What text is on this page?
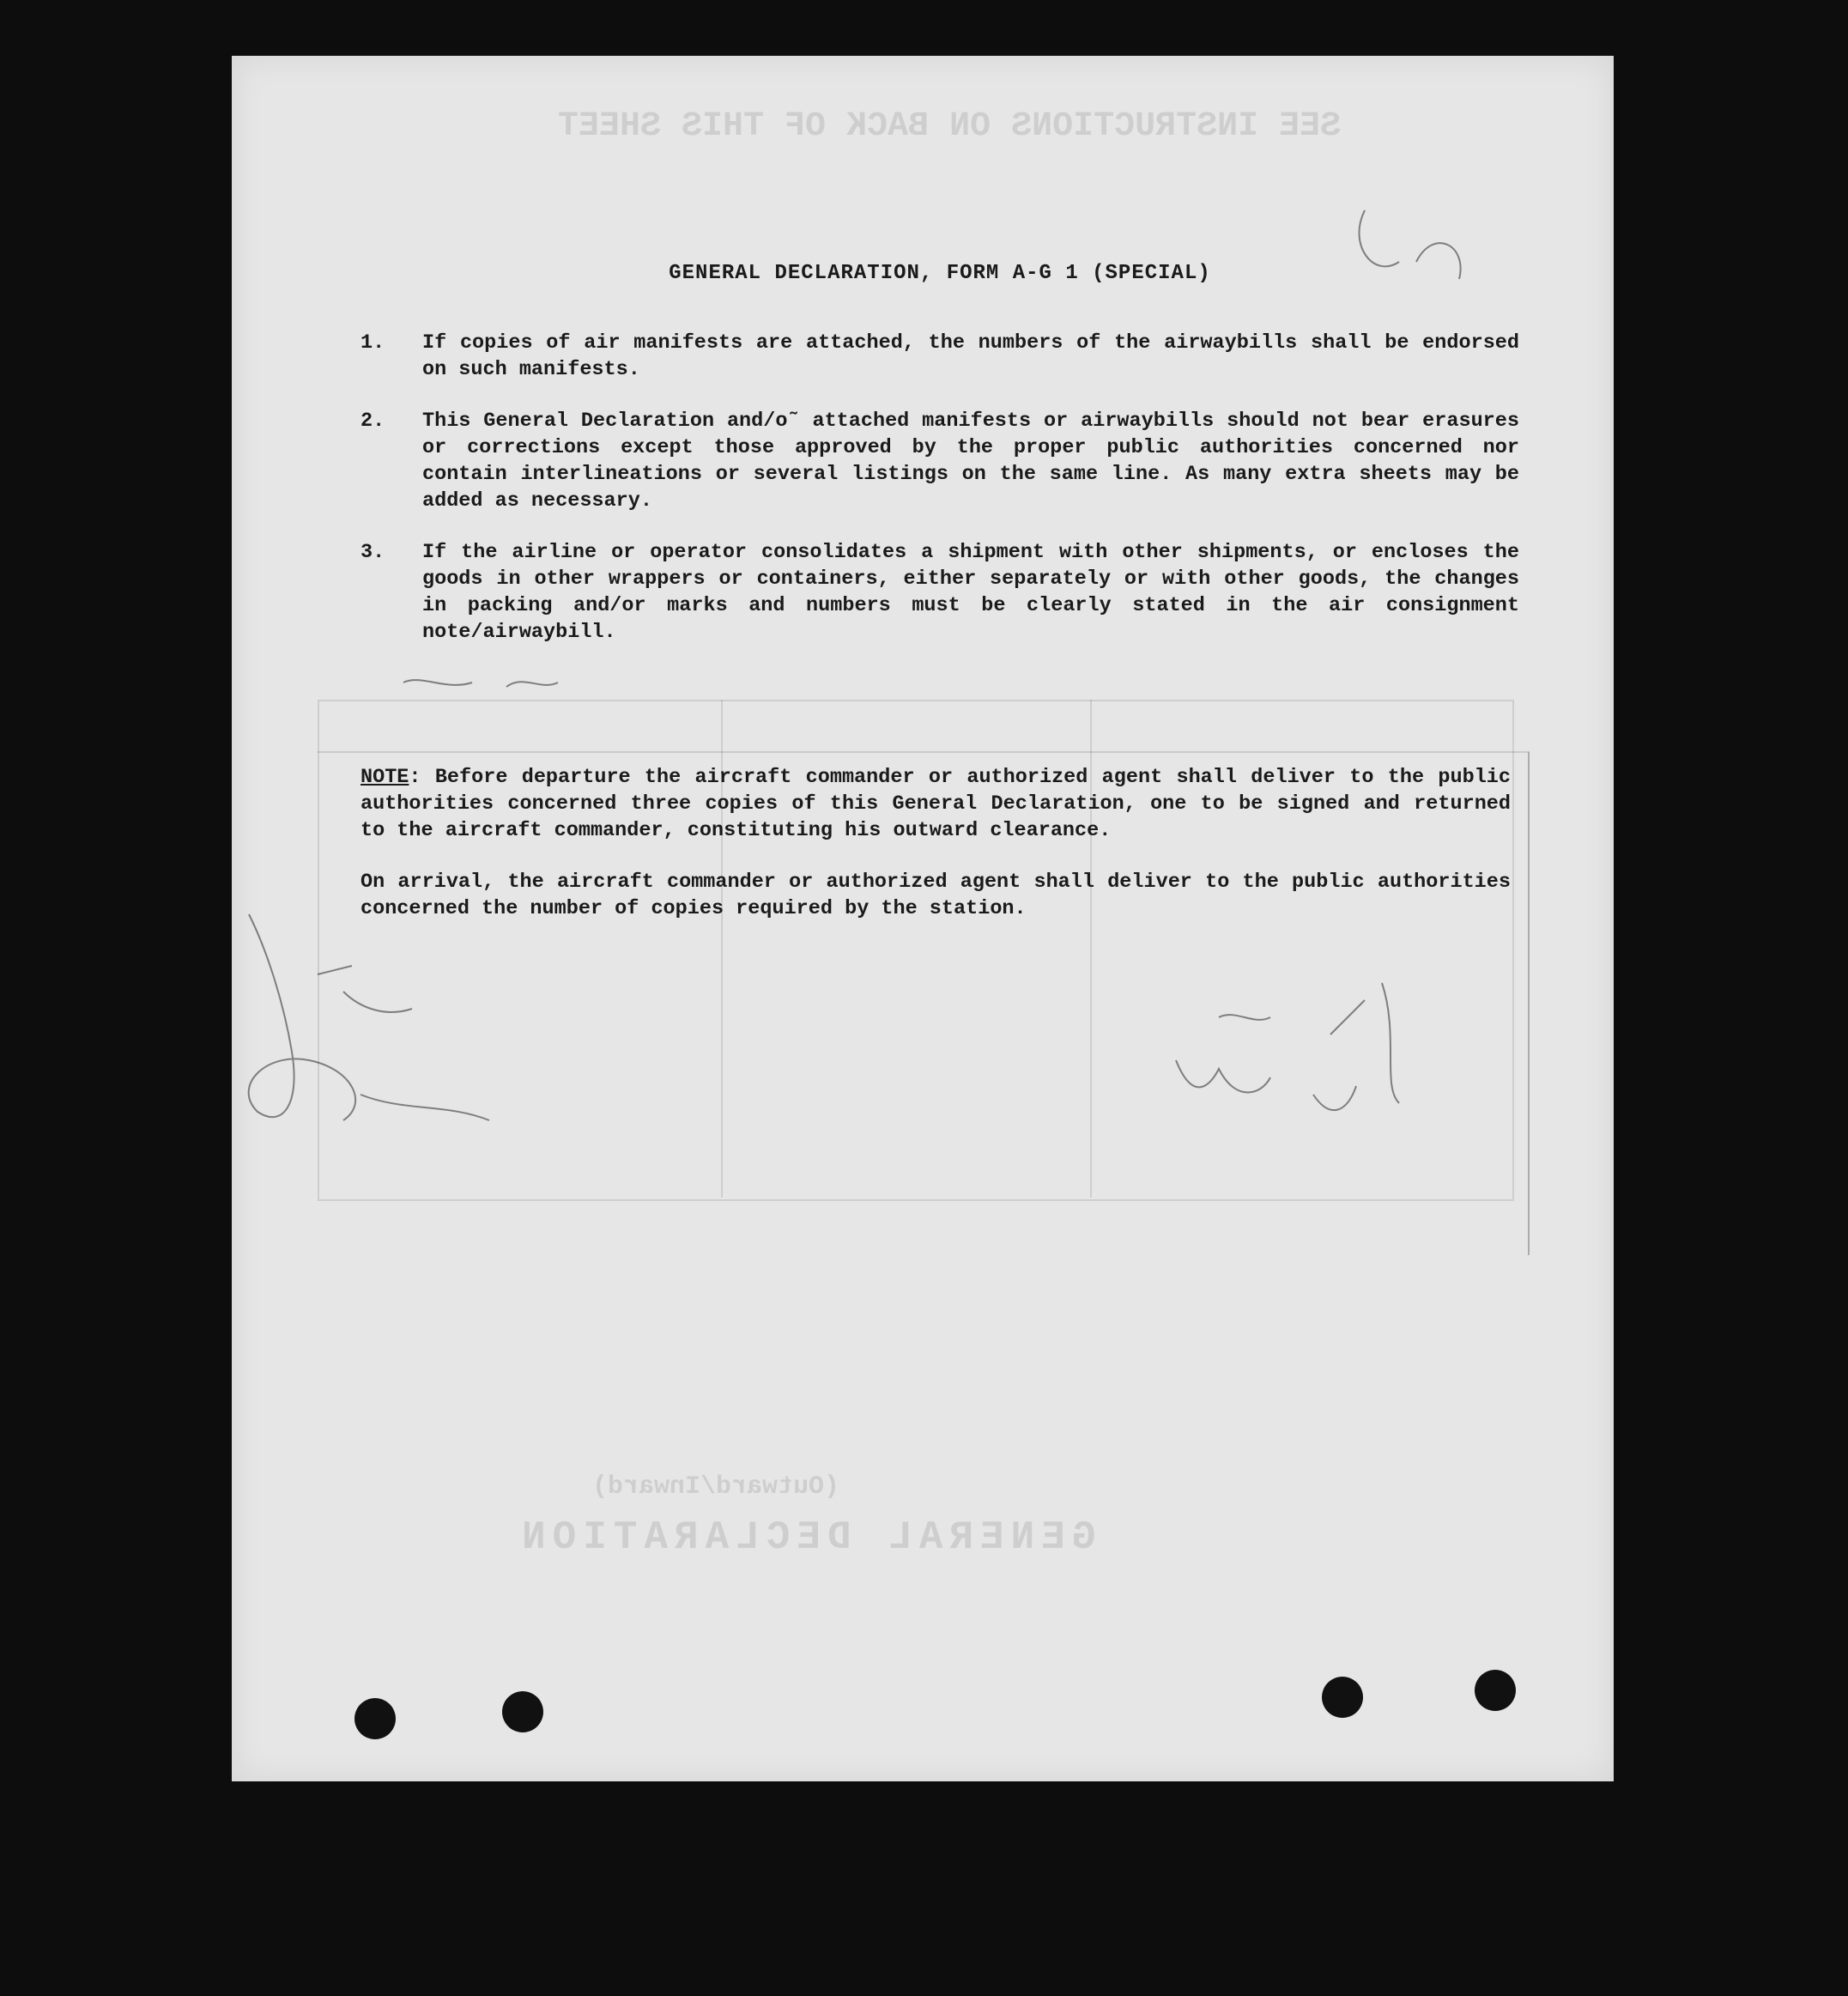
SEE INSTRUCTIONS ON BACK OF THIS SHEET
GENERAL DECLARATION
(Outward/Inward)
GENERAL DECLARATION, FORM A-G 1 (SPECIAL)
1.	If copies of air manifests are attached, the numbers of the airwaybills shall be endorsed on such manifests.
2.	This General Declaration and/o˜ attached manifests or airwaybills should not bear erasures or corrections except those approved by the proper public authorities concerned nor contain interlineations or several listings on the same line. As many extra sheets may be added as necessary.
3.	If the airline or operator consolidates a shipment with other shipments, or encloses the goods in other wrappers or containers, either separately or with other goods, the changes in packing and/or marks and numbers must be clearly stated in the air consignment note/airwaybill.

NOTE: Before departure the aircraft commander or authorized agent shall deliver to the public authorities concerned three copies of this General Declaration, one to be signed and returned to the aircraft commander, constituting his outward clearance.

On arrival, the aircraft commander or authorized agent shall deliver to the public authorities concerned the number of copies required by the station.
